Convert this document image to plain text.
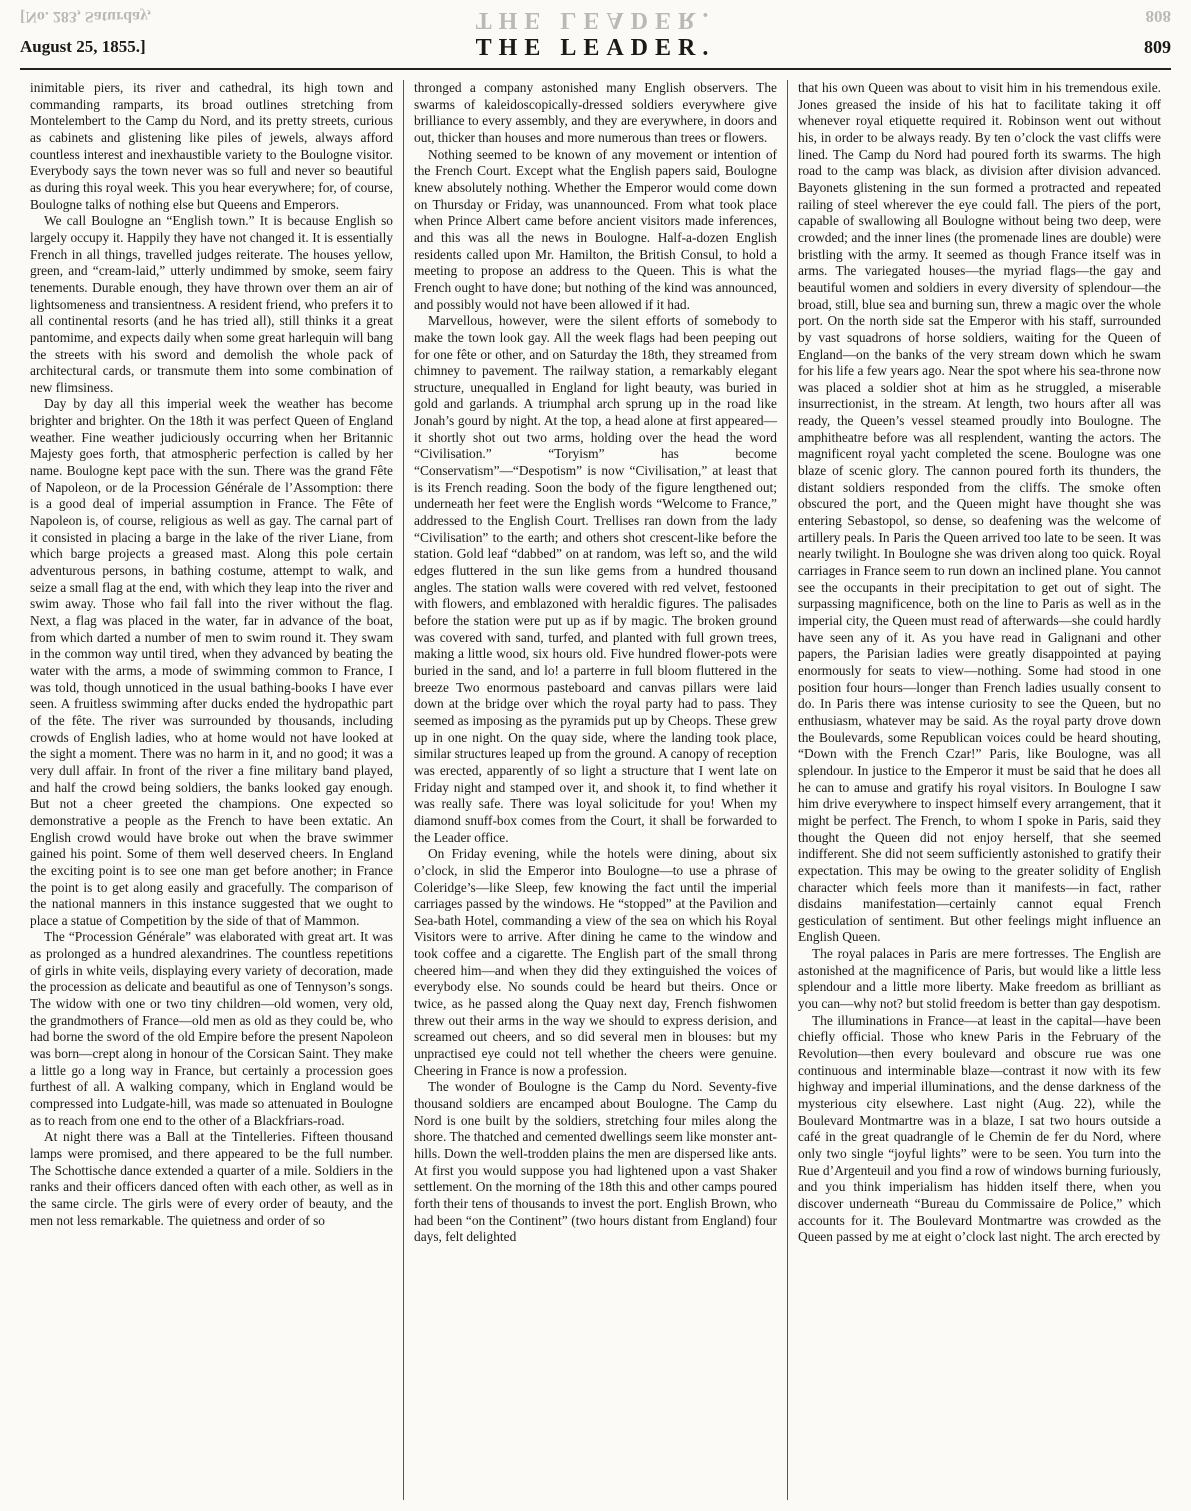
[No. 283, Saturday,	THE LEADER.	808
August 25, 1855.]	THE LEADER.	809

inimitable piers, its river and cathedral, its high town and commanding ramparts, its broad outlines stretching from Montelembert to the Camp du Nord, and its pretty streets, curious as cabinets and glistening like piles of jewels, always afford countless interest and inexhaustible variety to the Boulogne visitor. Everybody says the town never was so full and never so beautiful as during this royal week. This you hear everywhere; for, of course, Boulogne talks of nothing else but Queens and Emperors.

We call Boulogne an “English town.” It is because English so largely occupy it. Happily they have not changed it. It is essentially French in all things, travelled judges reiterate. The houses yellow, green, and “cream-laid,” utterly undimmed by smoke, seem fairy tenements. Durable enough, they have thrown over them an air of lightsomeness and transientness. A resident friend, who prefers it to all continental resorts (and he has tried all), still thinks it a great pantomime, and expects daily when some great harlequin will bang the streets with his sword and demolish the whole pack of architectural cards, or transmute them into some combination of new flimsiness.

Day by day all this imperial week the weather has become brighter and brighter. On the 18th it was perfect Queen of England weather. Fine weather judiciously occurring when her Britannic Majesty goes forth, that atmospheric perfection is called by her name. Boulogne kept pace with the sun. There was the grand Fête of Napoleon, or de la Procession Générale de l’Assomption: there is a good deal of imperial assumption in France. The Fête of Napoleon is, of course, religious as well as gay. The carnal part of it consisted in placing a barge in the lake of the river Liane, from which barge projects a greased mast. Along this pole certain adventurous persons, in bathing costume, attempt to walk, and seize a small flag at the end, with which they leap into the river and swim away. Those who fail fall into the river without the flag. Next, a flag was placed in the water, far in advance of the boat, from which darted a number of men to swim round it. They swam in the common way until tired, when they advanced by beating the water with the arms, a mode of swimming common to France, I was told, though unnoticed in the usual bathing-books I have ever seen. A fruitless swimming after ducks ended the hydropathic part of the fête. The river was surrounded by thousands, including crowds of English ladies, who at home would not have looked at the sight a moment. There was no harm in it, and no good; it was a very dull affair. In front of the river a fine military band played, and half the crowd being soldiers, the banks looked gay enough. But not a cheer greeted the champions. One expected so demonstrative a people as the French to have been extatic. An English crowd would have broke out when the brave swimmer gained his point. Some of them well deserved cheers. In England the exciting point is to see one man get before another; in France the point is to get along easily and gracefully. The comparison of the national manners in this instance suggested that we ought to place a statue of Competition by the side of that of Mammon.

The “Procession Générale” was elaborated with great art. It was as prolonged as a hundred alexandrines. The countless repetitions of girls in white veils, displaying every variety of decoration, made the procession as delicate and beautiful as one of Tennyson’s songs. The widow with one or two tiny children—old women, very old, the grandmothers of France—old men as old as they could be, who had borne the sword of the old Empire before the present Napoleon was born—crept along in honour of the Corsican Saint. They make a little go a long way in France, but certainly a procession goes furthest of all. A walking company, which in England would be compressed into Ludgate-hill, was made so attenuated in Boulogne as to reach from one end to the other of a Blackfriars-road.

At night there was a Ball at the Tintelleries. Fifteen thousand lamps were promised, and there appeared to be the full number. The Schottische dance extended a quarter of a mile. Soldiers in the ranks and their officers danced often with each other, as well as in the same circle. The girls were of every order of beauty, and the men not less remarkable. The quietness and order of so

thronged a company astonished many English observers. The swarms of kaleidoscopically-dressed soldiers everywhere give brilliance to every assembly, and they are everywhere, in doors and out, thicker than houses and more numerous than trees or flowers.

Nothing seemed to be known of any movement or intention of the French Court. Except what the English papers said, Boulogne knew absolutely nothing. Whether the Emperor would come down on Thursday or Friday, was unannounced. From what took place when Prince Albert came before ancient visitors made inferences, and this was all the news in Boulogne. Half-a-dozen English residents called upon Mr. Hamilton, the British Consul, to hold a meeting to propose an address to the Queen. This is what the French ought to have done; but nothing of the kind was announced, and possibly would not have been allowed if it had.

Marvellous, however, were the silent efforts of somebody to make the town look gay. All the week flags had been peeping out for one fête or other, and on Saturday the 18th, they streamed from chimney to pavement. The railway station, a remarkably elegant structure, unequalled in England for light beauty, was buried in gold and garlands. A triumphal arch sprung up in the road like Jonah’s gourd by night. At the top, a head alone at first appeared—it shortly shot out two arms, holding over the head the word “Civilisation.” “Toryism” has become “Conservatism”—“Despotism” is now “Civilisation,” at least that is its French reading. Soon the body of the figure lengthened out; underneath her feet were the English words “Welcome to France,” addressed to the English Court. Trellises ran down from the lady “Civilisation” to the earth; and others shot crescent-like before the station. Gold leaf “dabbed” on at random, was left so, and the wild edges fluttered in the sun like gems from a hundred thousand angles. The station walls were covered with red velvet, festooned with flowers, and emblazoned with heraldic figures. The palisades before the station were put up as if by magic. The broken ground was covered with sand, turfed, and planted with full grown trees, making a little wood, six hours old. Five hundred flower-pots were buried in the sand, and lo! a parterre in full bloom fluttered in the breeze Two enormous pasteboard and canvas pillars were laid down at the bridge over which the royal party had to pass. They seemed as imposing as the pyramids put up by Cheops. These grew up in one night. On the quay side, where the landing took place, similar structures leaped up from the ground. A canopy of reception was erected, apparently of so light a structure that I went late on Friday night and stamped over it, and shook it, to find whether it was really safe. There was loyal solicitude for you! When my diamond snuff-box comes from the Court, it shall be forwarded to the Leader office.

On Friday evening, while the hotels were dining, about six o’clock, in slid the Emperor into Boulogne—to use a phrase of Coleridge’s—like Sleep, few knowing the fact until the imperial carriages passed by the windows. He “stopped” at the Pavilion and Sea-bath Hotel, commanding a view of the sea on which his Royal Visitors were to arrive. After dining he came to the window and took coffee and a cigarette. The English part of the small throng cheered him—and when they did they extinguished the voices of everybody else. No sounds could be heard but theirs. Once or twice, as he passed along the Quay next day, French fishwomen threw out their arms in the way we should to express derision, and screamed out cheers, and so did several men in blouses: but my unpractised eye could not tell whether the cheers were genuine. Cheering in France is now a profession.

The wonder of Boulogne is the Camp du Nord. Seventy-five thousand soldiers are encamped about Boulogne. The Camp du Nord is one built by the soldiers, stretching four miles along the shore. The thatched and cemented dwellings seem like monster ant-hills. Down the well-trodden plains the men are dispersed like ants. At first you would suppose you had lightened upon a vast Shaker settlement. On the morning of the 18th this and other camps poured forth their tens of thousands to invest the port. English Brown, who had been “on the Continent” (two hours distant from England) four days, felt delighted

that his own Queen was about to visit him in his tremendous exile. Jones greased the inside of his hat to facilitate taking it off whenever royal etiquette required it. Robinson went out without his, in order to be always ready. By ten o’clock the vast cliffs were lined. The Camp du Nord had poured forth its swarms. The high road to the camp was black, as division after division advanced. Bayonets glistening in the sun formed a protracted and repeated railing of steel wherever the eye could fall. The piers of the port, capable of swallowing all Boulogne without being two deep, were crowded; and the inner lines (the promenade lines are double) were bristling with the army. It seemed as though France itself was in arms. The variegated houses—the myriad flags—the gay and beautiful women and soldiers in every diversity of splendour—the broad, still, blue sea and burning sun, threw a magic over the whole port. On the north side sat the Emperor with his staff, surrounded by vast squadrons of horse soldiers, waiting for the Queen of England—on the banks of the very stream down which he swam for his life a few years ago. Near the spot where his sea-throne now was placed a soldier shot at him as he struggled, a miserable insurrectionist, in the stream. At length, two hours after all was ready, the Queen’s vessel steamed proudly into Boulogne. The amphitheatre before was all resplendent, wanting the actors. The magnificent royal yacht completed the scene. Boulogne was one blaze of scenic glory. The cannon poured forth its thunders, the distant soldiers responded from the cliffs. The smoke often obscured the port, and the Queen might have thought she was entering Sebastopol, so dense, so deafening was the welcome of artillery peals. In Paris the Queen arrived too late to be seen. It was nearly twilight. In Boulogne she was driven along too quick. Royal carriages in France seem to run down an inclined plane. You cannot see the occupants in their precipitation to get out of sight. The surpassing magnificence, both on the line to Paris as well as in the imperial city, the Queen must read of afterwards—she could hardly have seen any of it. As you have read in Galignani and other papers, the Parisian ladies were greatly disappointed at paying enormously for seats to view—nothing. Some had stood in one position four hours—longer than French ladies usually consent to do. In Paris there was intense curiosity to see the Queen, but no enthusiasm, whatever may be said. As the royal party drove down the Boulevards, some Republican voices could be heard shouting, “Down with the French Czar!” Paris, like Boulogne, was all splendour. In justice to the Emperor it must be said that he does all he can to amuse and gratify his royal visitors. In Boulogne I saw him drive everywhere to inspect himself every arrangement, that it might be perfect. The French, to whom I spoke in Paris, said they thought the Queen did not enjoy herself, that she seemed indifferent. She did not seem sufficiently astonished to gratify their expectation. This may be owing to the greater solidity of English character which feels more than it manifests—in fact, rather disdains manifestation—certainly cannot equal French gesticulation of sentiment. But other feelings might influence an English Queen.

The royal palaces in Paris are mere fortresses. The English are astonished at the magnificence of Paris, but would like a little less splendour and a little more liberty. Make freedom as brilliant as you can—why not? but stolid freedom is better than gay despotism.

The illuminations in France—at least in the capital—have been chiefly official. Those who knew Paris in the February of the Revolution—then every boulevard and obscure rue was one continuous and interminable blaze—contrast it now with its few highway and imperial illuminations, and the dense darkness of the mysterious city elsewhere. Last night (Aug. 22), while the Boulevard Montmartre was in a blaze, I sat two hours outside a café in the great quadrangle of le Chemin de fer du Nord, where only two single “joyful lights” were to be seen. You turn into the Rue d’Argenteuil and you find a row of windows burning furiously, and you think imperialism has hidden itself there, when you discover underneath “Bureau du Commissaire de Police,” which accounts for it. The Boulevard Montmartre was crowded as the Queen passed by me at eight o’clock last night. The arch erected by
